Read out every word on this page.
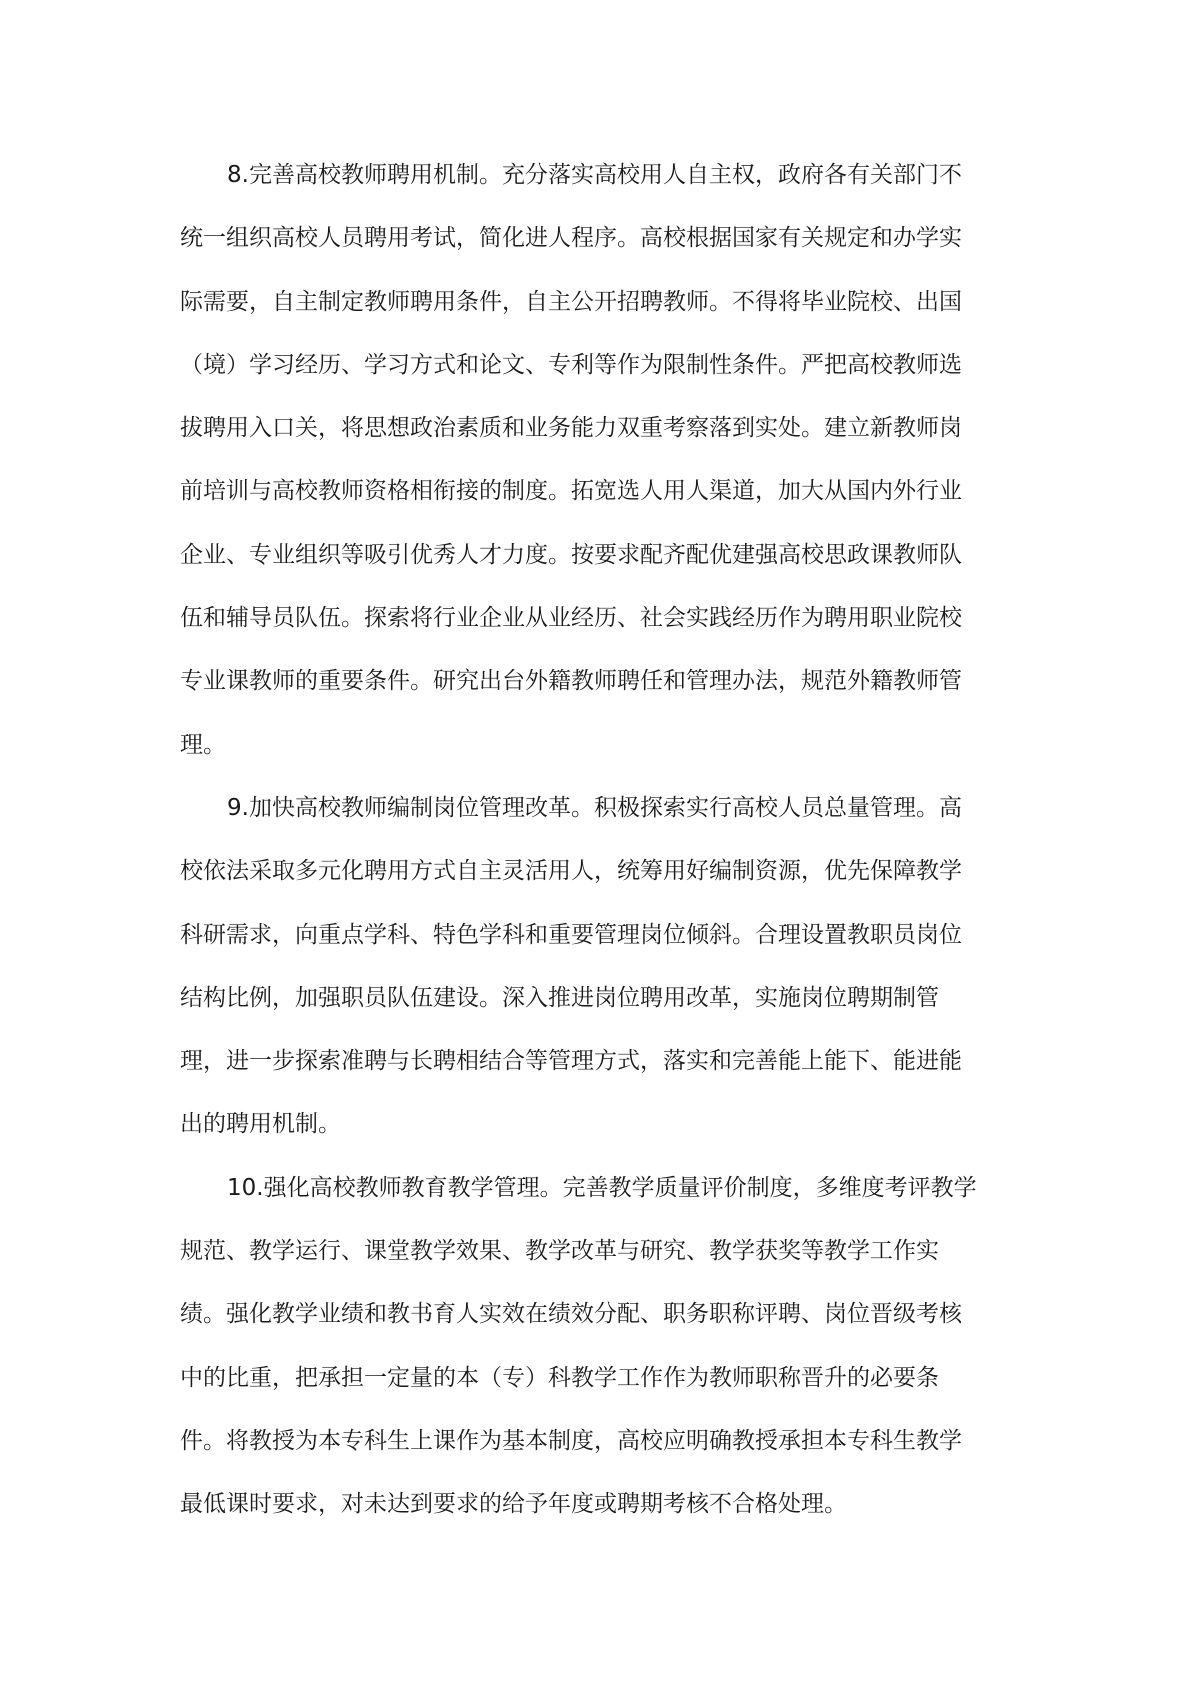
8.完善高校教师聘用机制。充分落实高校用人自主权，政府各有关部门不
统一组织高校人员聘用考试，简化进人程序。高校根据国家有关规定和办学实
际需要，自主制定教师聘用条件，自主公开招聘教师。不得将毕业院校、出国
（境）学习经历、学习方式和论文、专利等作为限制性条件。严把高校教师选
拔聘用入口关，将思想政治素质和业务能力双重考察落到实处。建立新教师岗
前培训与高校教师资格相衔接的制度。拓宽选人用人渠道，加大从国内外行业
企业、专业组织等吸引优秀人才力度。按要求配齐配优建强高校思政课教师队
伍和辅导员队伍。探索将行业企业从业经历、社会实践经历作为聘用职业院校
专业课教师的重要条件。研究出台外籍教师聘任和管理办法，规范外籍教师管
理。
9.加快高校教师编制岗位管理改革。积极探索实行高校人员总量管理。高
校依法采取多元化聘用方式自主灵活用人，统筹用好编制资源，优先保障教学
科研需求，向重点学科、特色学科和重要管理岗位倾斜。合理设置教职员岗位
结构比例，加强职员队伍建设。深入推进岗位聘用改革，实施岗位聘期制管
理，进一步探索准聘与长聘相结合等管理方式，落实和完善能上能下、能进能
出的聘用机制。
10.强化高校教师教育教学管理。完善教学质量评价制度，多维度考评教学
规范、教学运行、课堂教学效果、教学改革与研究、教学获奖等教学工作实
绩。强化教学业绩和教书育人实效在绩效分配、职务职称评聘、岗位晋级考核
中的比重，把承担一定量的本（专）科教学工作作为教师职称晋升的必要条
件。将教授为本专科生上课作为基本制度，高校应明确教授承担本专科生教学
最低课时要求，对未达到要求的给予年度或聘期考核不合格处理。
